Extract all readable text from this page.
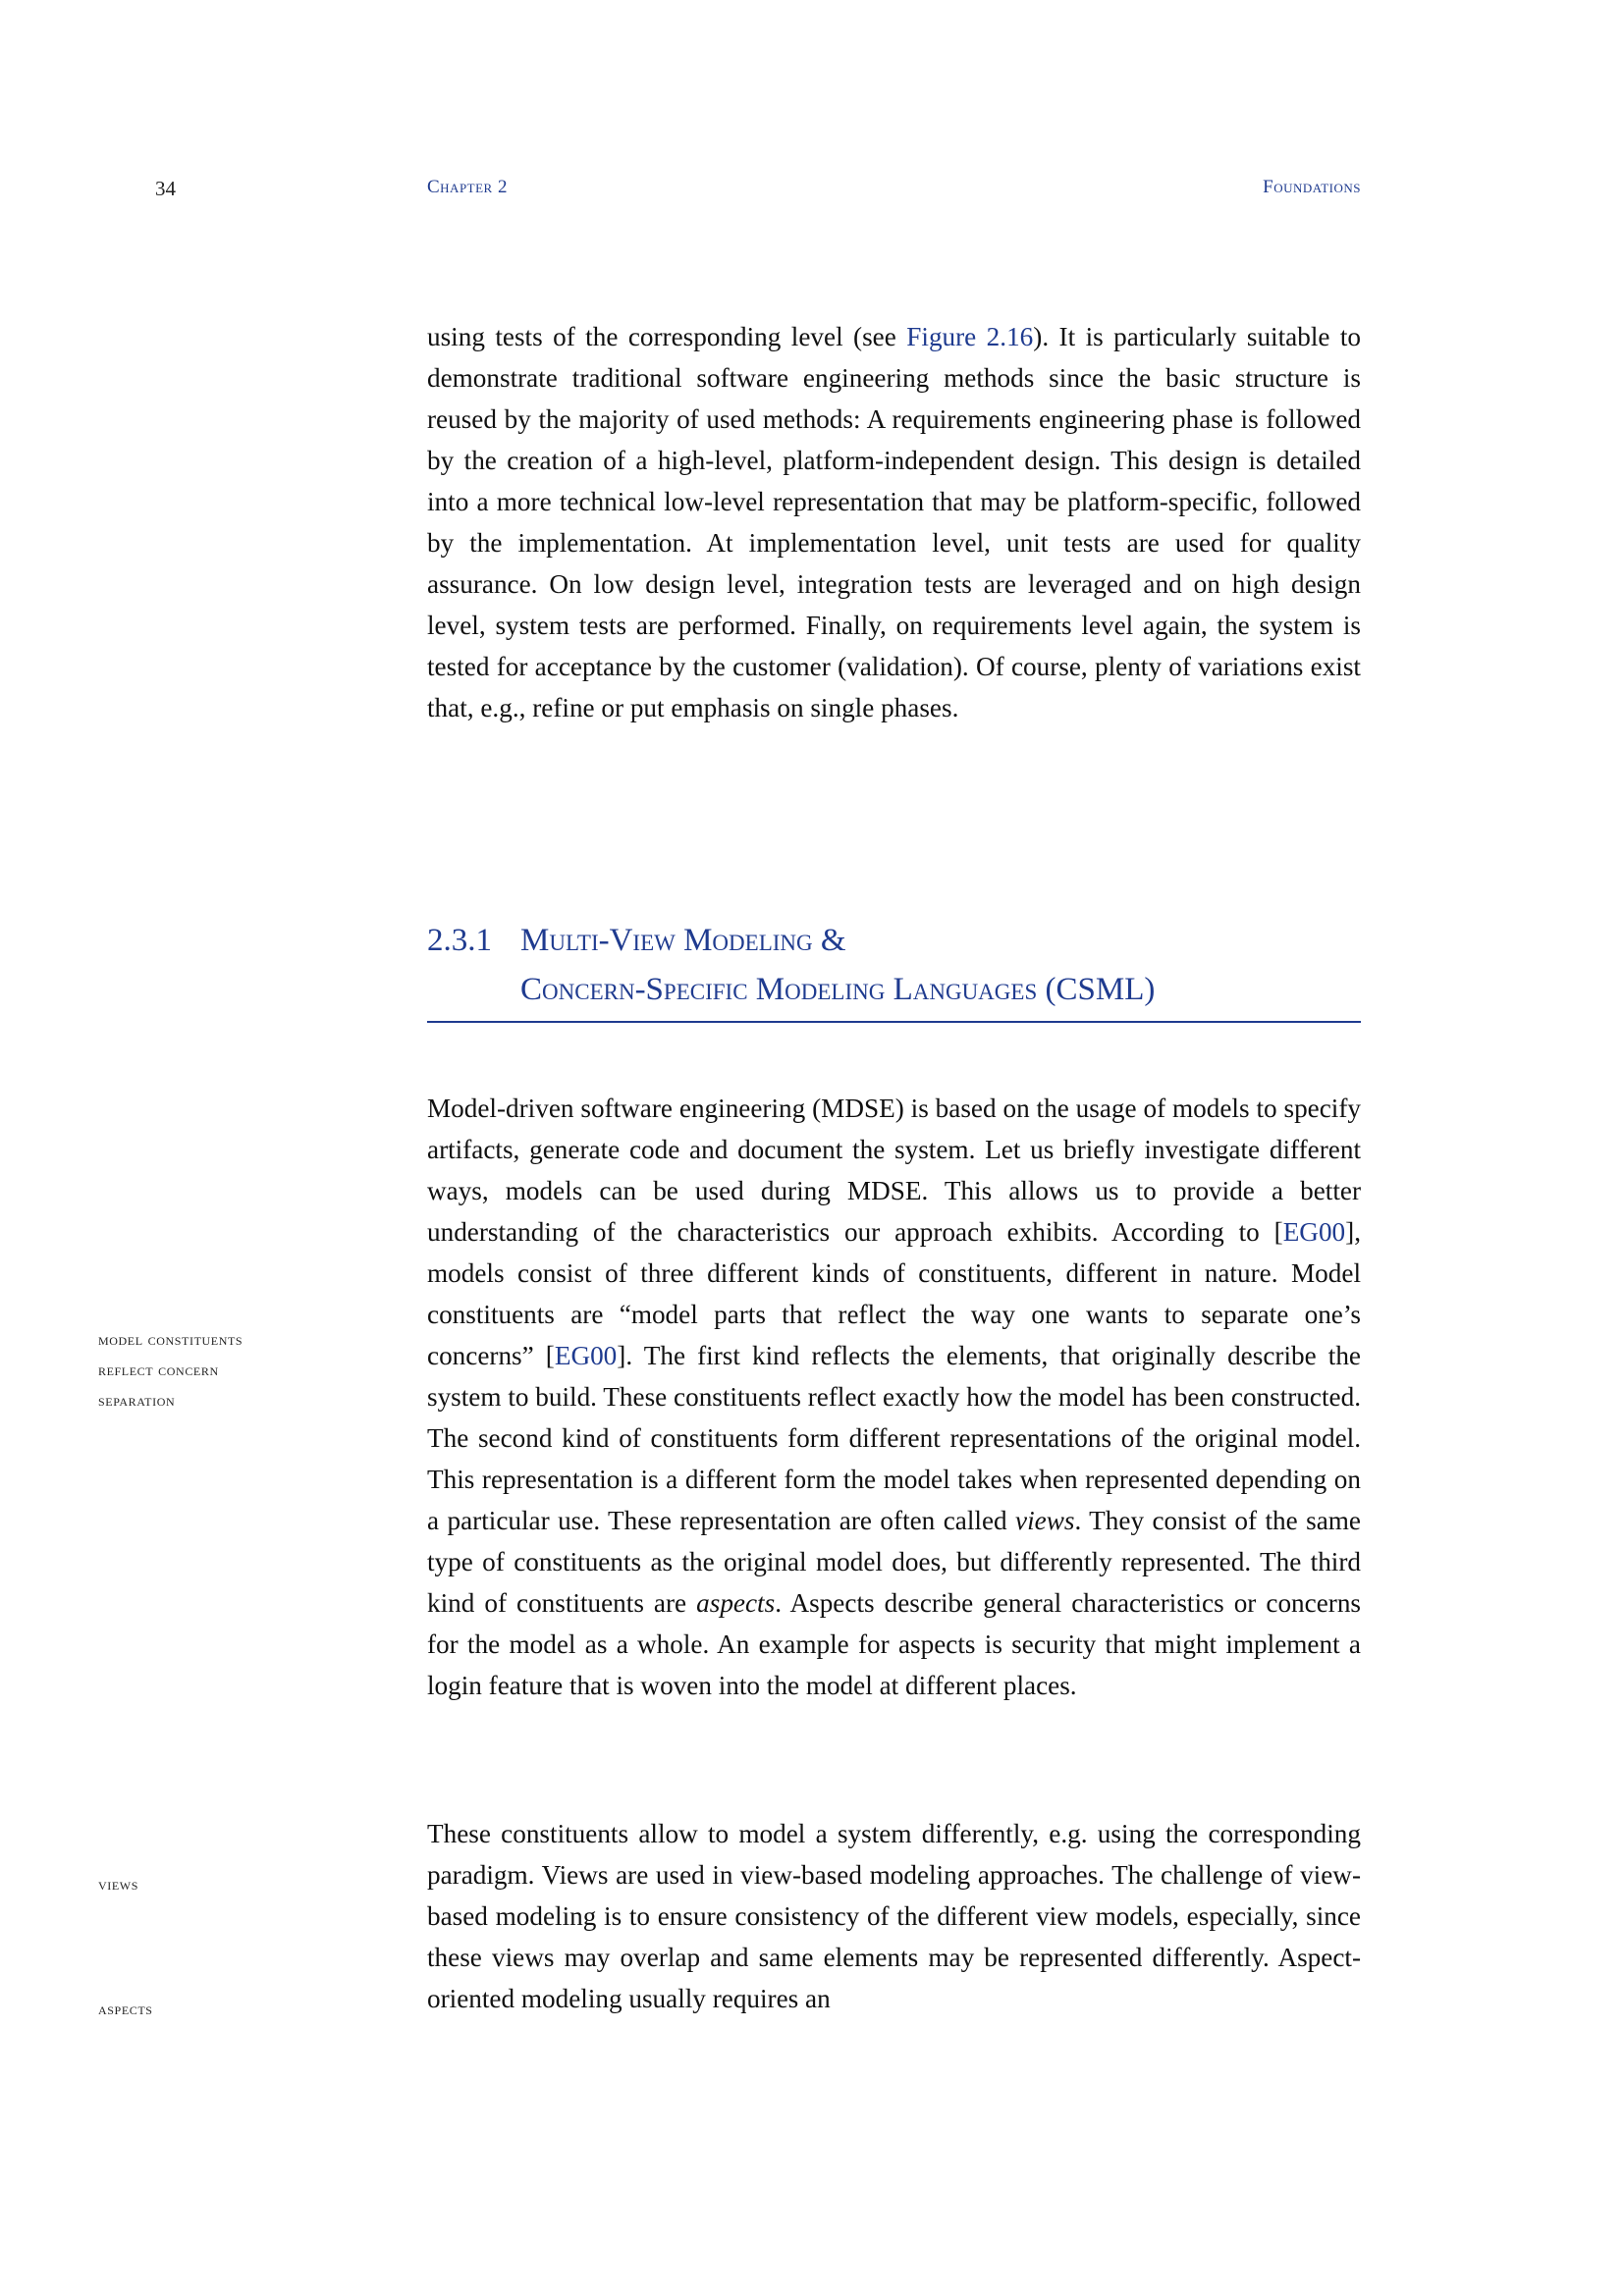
34	Chapter 2	Foundations

using tests of the corresponding level (see Figure 2.16). It is particularly suitable to demonstrate traditional software engineering methods since the basic structure is reused by the majority of used methods: A requirements engineering phase is followed by the creation of a high-level, platform-independent design. This design is detailed into a more technical low-level representation that may be platform-specific, followed by the implementation. At implementation level, unit tests are used for quality assurance. On low design level, integration tests are leveraged and on high design level, system tests are performed. Finally, on requirements level again, the system is tested for acceptance by the customer (validation). Of course, plenty of variations exist that, e.g., refine or put emphasis on single phases.

2.3.1 Multi-View Modeling &
Concern-Specific Modeling Languages (CSML)

Model-driven software engineering (MDSE) is based on the usage of models to specify artifacts, generate code and document the system. Let us briefly investigate different ways, models can be used during MDSE. This allows us to provide a better understanding of the characteristics our approach exhibits. According to [EG00], models consist of three different kinds of constituents, different in nature. Model constituents are “model parts that reflect the way one wants to separate one’s concerns” [EG00]. The first kind reflects the elements, that originally describe the system to build. These constituents reflect exactly how the model has been constructed. The second kind of constituents form different representations of the original model. This representation is a different form the model takes when represented depending on a particular use. These representation are often called views. They consist of the same type of constituents as the original model does, but differently represented. The third kind of constituents are aspects. Aspects describe general characteristics or concerns for the model as a whole. An example for aspects is security that might implement a login feature that is woven into the model at different places.

These constituents allow to model a system differently, e.g. using the corresponding paradigm. Views are used in view-based modeling approaches. The challenge of view-based modeling is to ensure consistency of the different view models, especially, since these views may overlap and same elements may be represented differently. Aspect-oriented modeling usually requires an

model constituents
reflect concern
separation
views
aspects
